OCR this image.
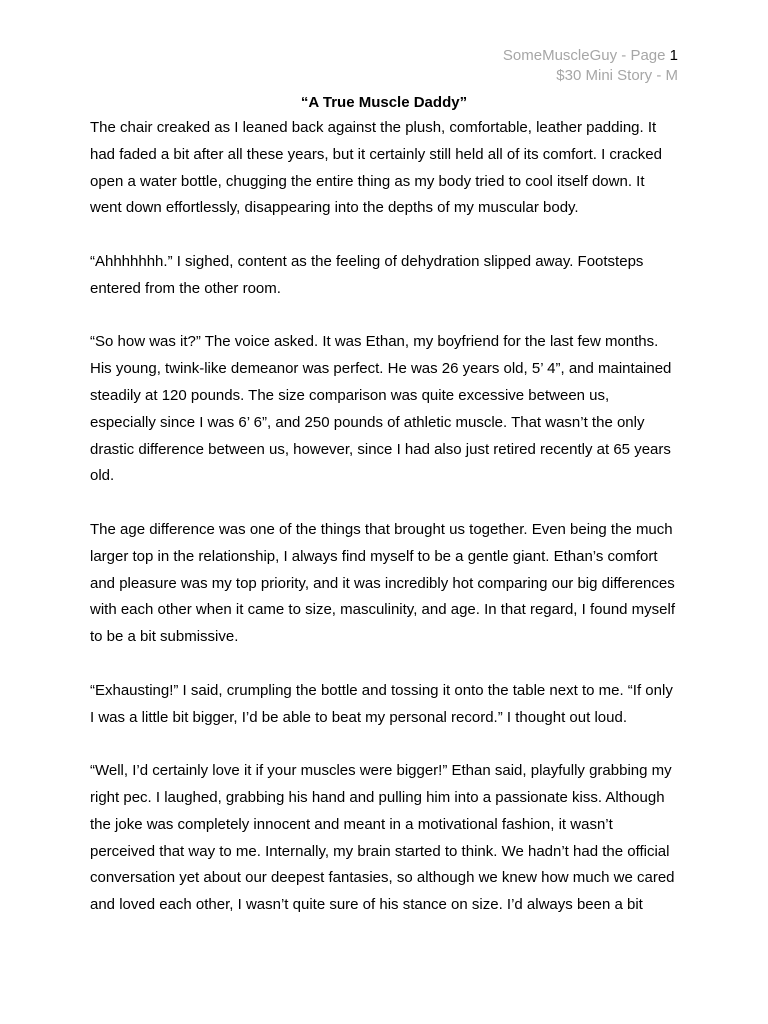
SomeMuscleGuy - Page 1
$30 Mini Story - M
“A True Muscle Daddy”

The chair creaked as I leaned back against the plush, comfortable, leather padding. It had faded a bit after all these years, but it certainly still held all of its comfort. I cracked open a water bottle, chugging the entire thing as my body tried to cool itself down. It went down effortlessly, disappearing into the depths of my muscular body.

“Ahhhhhhh.” I sighed, content as the feeling of dehydration slipped away. Footsteps entered from the other room.

“So how was it?” The voice asked. It was Ethan, my boyfriend for the last few months. His young, twink-like demeanor was perfect. He was 26 years old, 5’ 4”, and maintained steadily at 120 pounds. The size comparison was quite excessive between us, especially since I was 6’ 6”, and 250 pounds of athletic muscle. That wasn’t the only drastic difference between us, however, since I had also just retired recently at 65 years old.

The age difference was one of the things that brought us together. Even being the much larger top in the relationship, I always find myself to be a gentle giant. Ethan’s comfort and pleasure was my top priority, and it was incredibly hot comparing our big differences with each other when it came to size, masculinity, and age. In that regard, I found myself to be a bit submissive.

“Exhausting!” I said, crumpling the bottle and tossing it onto the table next to me. “If only I was a little bit bigger, I’d be able to beat my personal record.” I thought out loud.

“Well, I’d certainly love it if your muscles were bigger!” Ethan said, playfully grabbing my right pec. I laughed, grabbing his hand and pulling him into a passionate kiss. Although the joke was completely innocent and meant in a motivational fashion, it wasn’t perceived that way to me. Internally, my brain started to think. We hadn’t had the official conversation yet about our deepest fantasies, so although we knew how much we cared and loved each other, I wasn’t quite sure of his stance on size. I’d always been a bit
